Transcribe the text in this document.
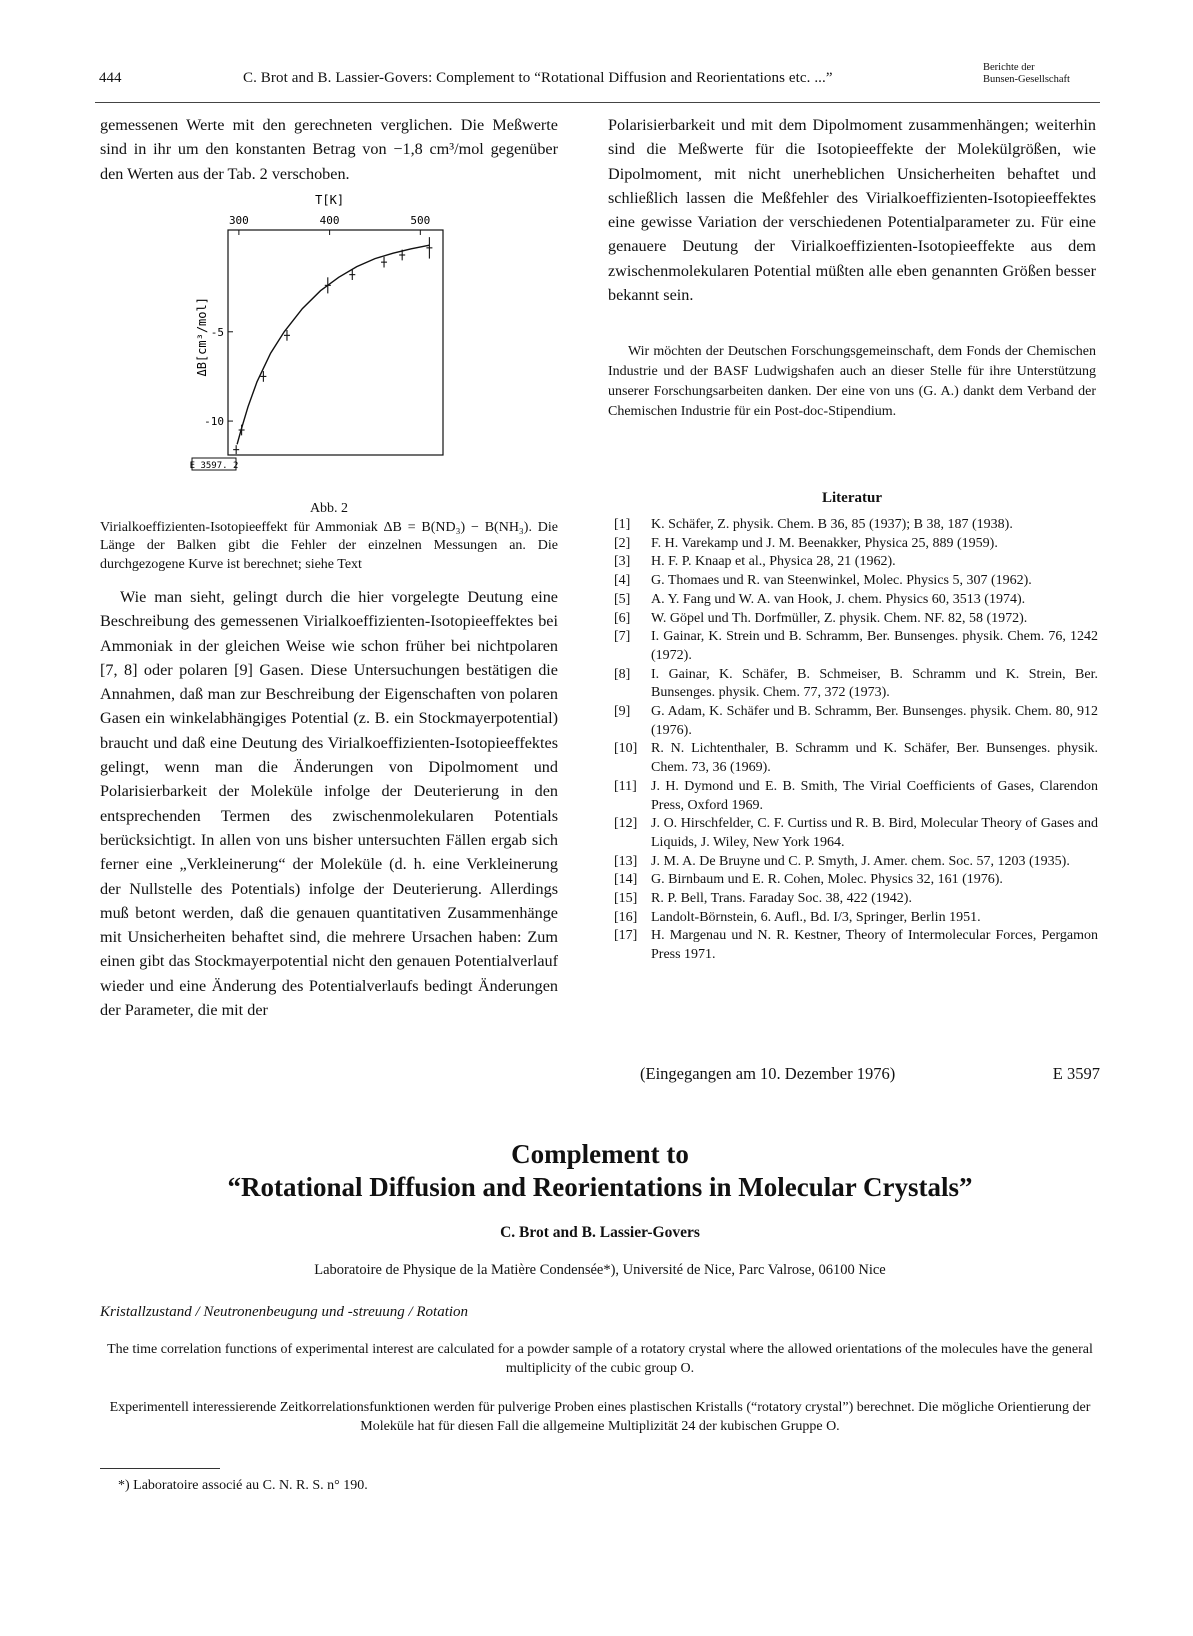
444	C. Brot and B. Lassier-Govers: Complement to “Rotational Diffusion and Reorientations etc. ...”
Berichte der
Bunsen-Gesellschaft

gemessenen Werte mit den gerechneten verglichen. Die Meßwerte sind in ihr um den konstanten Betrag von −1,8 cm³/mol gegenüber den Werten aus der Tab. 2 verschoben.

300	400	500
-5
-10
T[K]
ΔB[cm³/mol]
E 3597. 2
Abb. 2
Virialkoeffizienten-Isotopieeffekt für Ammoniak ΔB = B(ND₃) − B(NH₃). Die Länge der Balken gibt die Fehler der einzelnen Messungen an. Die durchgezogene Kurve ist berechnet; siehe Text

Wie man sieht, gelingt durch die hier vorgelegte Deutung eine Beschreibung des gemessenen Virialkoeffizienten-Isotopieeffektes bei Ammoniak in der gleichen Weise wie schon früher bei nichtpolaren [7, 8] oder polaren [9] Gasen. Diese Untersuchungen bestätigen die Annahmen, daß man zur Beschreibung der Eigenschaften von polaren Gasen ein winkelabhängiges Potential (z. B. ein Stockmayerpotential) braucht und daß eine Deutung des Virialkoeffizienten-Isotopieeffektes gelingt, wenn man die Änderungen von Dipolmoment und Polarisierbarkeit der Moleküle infolge der Deuterierung in den entsprechenden Termen des zwischenmolekularen Potentials berücksichtigt. In allen von uns bisher untersuchten Fällen ergab sich ferner eine „Verkleinerung“ der Moleküle (d. h. eine Verkleinerung der Nullstelle des Potentials) infolge der Deuterierung. Allerdings muß betont werden, daß die genauen quantitativen Zusammenhänge mit Unsicherheiten behaftet sind, die mehrere Ursachen haben: Zum einen gibt das Stockmayerpotential nicht den genauen Potentialverlauf wieder und eine Änderung des Potentialverlaufs bedingt Änderungen der Parameter, die mit der

Polarisierbarkeit und mit dem Dipolmoment zusammenhängen; weiterhin sind die Meßwerte für die Isotopieeffekte der Molekülgrößen, wie Dipolmoment, mit nicht unerheblichen Unsicherheiten behaftet und schließlich lassen die Meßfehler des Virialkoeffizienten-Isotopieeffektes eine gewisse Variation der verschiedenen Potentialparameter zu. Für eine genauere Deutung der Virialkoeffizienten-Isotopieeffekte aus dem zwischenmolekularen Potential müßten alle eben genannten Größen besser bekannt sein.

Wir möchten der Deutschen Forschungsgemeinschaft, dem Fonds der Chemischen Industrie und der BASF Ludwigshafen auch an dieser Stelle für ihre Unterstützung unserer Forschungsarbeiten danken. Der eine von uns (G. A.) dankt dem Verband der Chemischen Industrie für ein Post-doc-Stipendium.

Literatur

[1] K. Schäfer, Z. physik. Chem. B 36, 85 (1937); B 38, 187 (1938).

[2] F. H. Varekamp und J. M. Beenakker, Physica 25, 889 (1959).

[3] H. F. P. Knaap et al., Physica 28, 21 (1962).

[4] G. Thomaes und R. van Steenwinkel, Molec. Physics 5, 307 (1962).

[5] A. Y. Fang und W. A. van Hook, J. chem. Physics 60, 3513 (1974).

[6] W. Göpel und Th. Dorfmüller, Z. physik. Chem. NF. 82, 58 (1972).

[7] I. Gainar, K. Strein und B. Schramm, Ber. Bunsenges. physik. Chem. 76, 1242 (1972).

[8] I. Gainar, K. Schäfer, B. Schmeiser, B. Schramm und K. Strein, Ber. Bunsenges. physik. Chem. 77, 372 (1973).

[9] G. Adam, K. Schäfer und B. Schramm, Ber. Bunsenges. physik. Chem. 80, 912 (1976).

[10] R. N. Lichtenthaler, B. Schramm und K. Schäfer, Ber. Bunsenges. physik. Chem. 73, 36 (1969).

[11] J. H. Dymond und E. B. Smith, The Virial Coefficients of Gases, Clarendon Press, Oxford 1969.

[12] J. O. Hirschfelder, C. F. Curtiss und R. B. Bird, Molecular Theory of Gases and Liquids, J. Wiley, New York 1964.

[13] J. M. A. De Bruyne und C. P. Smyth, J. Amer. chem. Soc. 57, 1203 (1935).

[14] G. Birnbaum und E. R. Cohen, Molec. Physics 32, 161 (1976).

[15] R. P. Bell, Trans. Faraday Soc. 38, 422 (1942).

[16] Landolt-Börnstein, 6. Aufl., Bd. I/3, Springer, Berlin 1951.

[17] H. Margenau und N. R. Kestner, Theory of Intermolecular Forces, Pergamon Press 1971.

(Eingegangen am 10. Dezember 1976)	E 3597
Complement to
“Rotational Diffusion and Reorientations in Molecular Crystals”
C. Brot and B. Lassier-Govers
Laboratoire de Physique de la Matière Condensée*), Université de Nice, Parc Valrose, 06100 Nice
Kristallzustand / Neutronenbeugung und -streuung / Rotation
The time correlation functions of experimental interest are calculated for a powder sample of a rotatory crystal where the allowed orientations of the molecules have the general multiplicity of the cubic group O.
Experimentell interessierende Zeitkorrelationsfunktionen werden für pulverige Proben eines plastischen Kristalls (“rotatory crystal”) berechnet. Die mögliche Orientierung der Moleküle hat für diesen Fall die allgemeine Multiplizität 24 der kubischen Gruppe O.
*) Laboratoire associé au C. N. R. S. n° 190.
